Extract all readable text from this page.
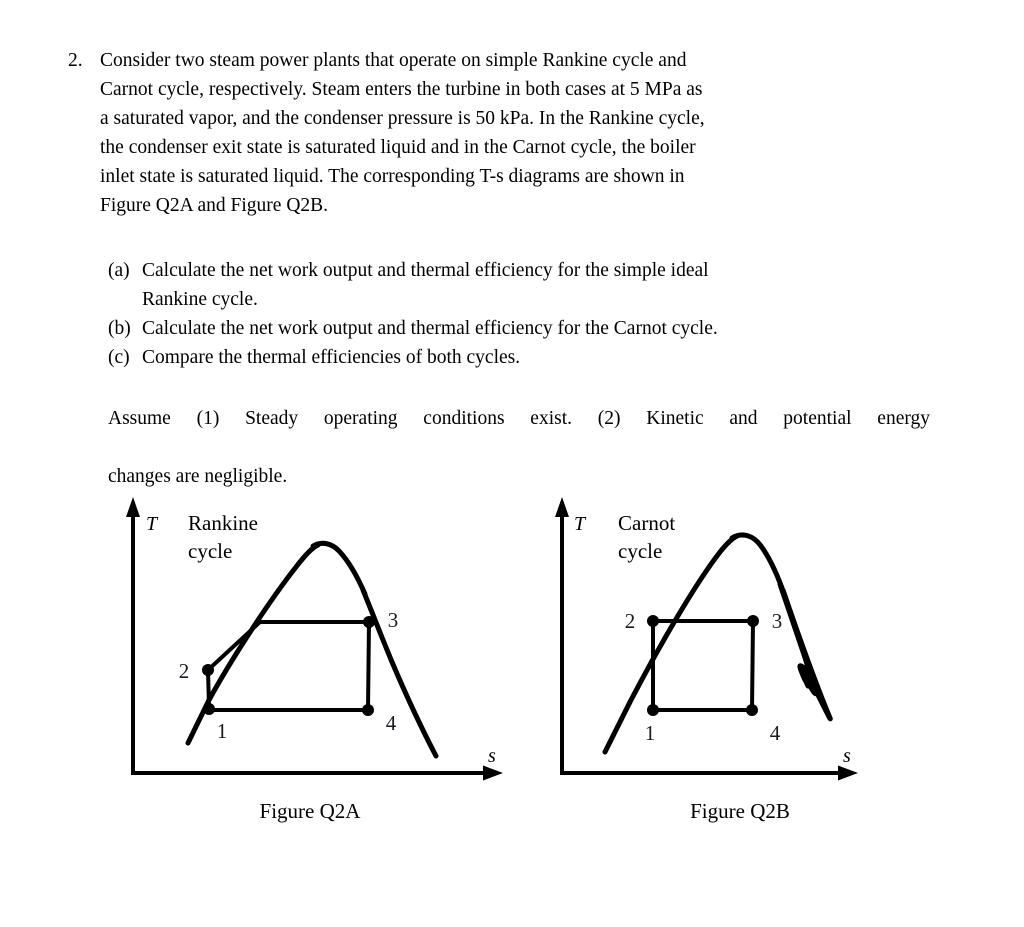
2. Consider two steam power plants that operate on simple Rankine cycle and
Carnot cycle, respectively. Steam enters the turbine in both cases at 5 MPa as
a saturated vapor, and the condenser pressure is 50 kPa. In the Rankine cycle,
the condenser exit state is saturated liquid and in the Carnot cycle, the boiler
inlet state is saturated liquid. The corresponding T-s diagrams are shown in
Figure Q2A and Figure Q2B.
(a) Calculate the net work output and thermal efficiency for the simple ideal
Rankine cycle.
(b) Calculate the net work output and thermal efficiency for the Carnot cycle.
(c) Compare the thermal efficiencies of both cycles.
Assume (1) Steady operating conditions exist. (2) Kinetic and potential energy
changes are negligible.
T
s
Rankine
cycle
2
1
3
4
Figure Q2A
T
s
Carnot
cycle
2	3
1	4
Figure Q2B
